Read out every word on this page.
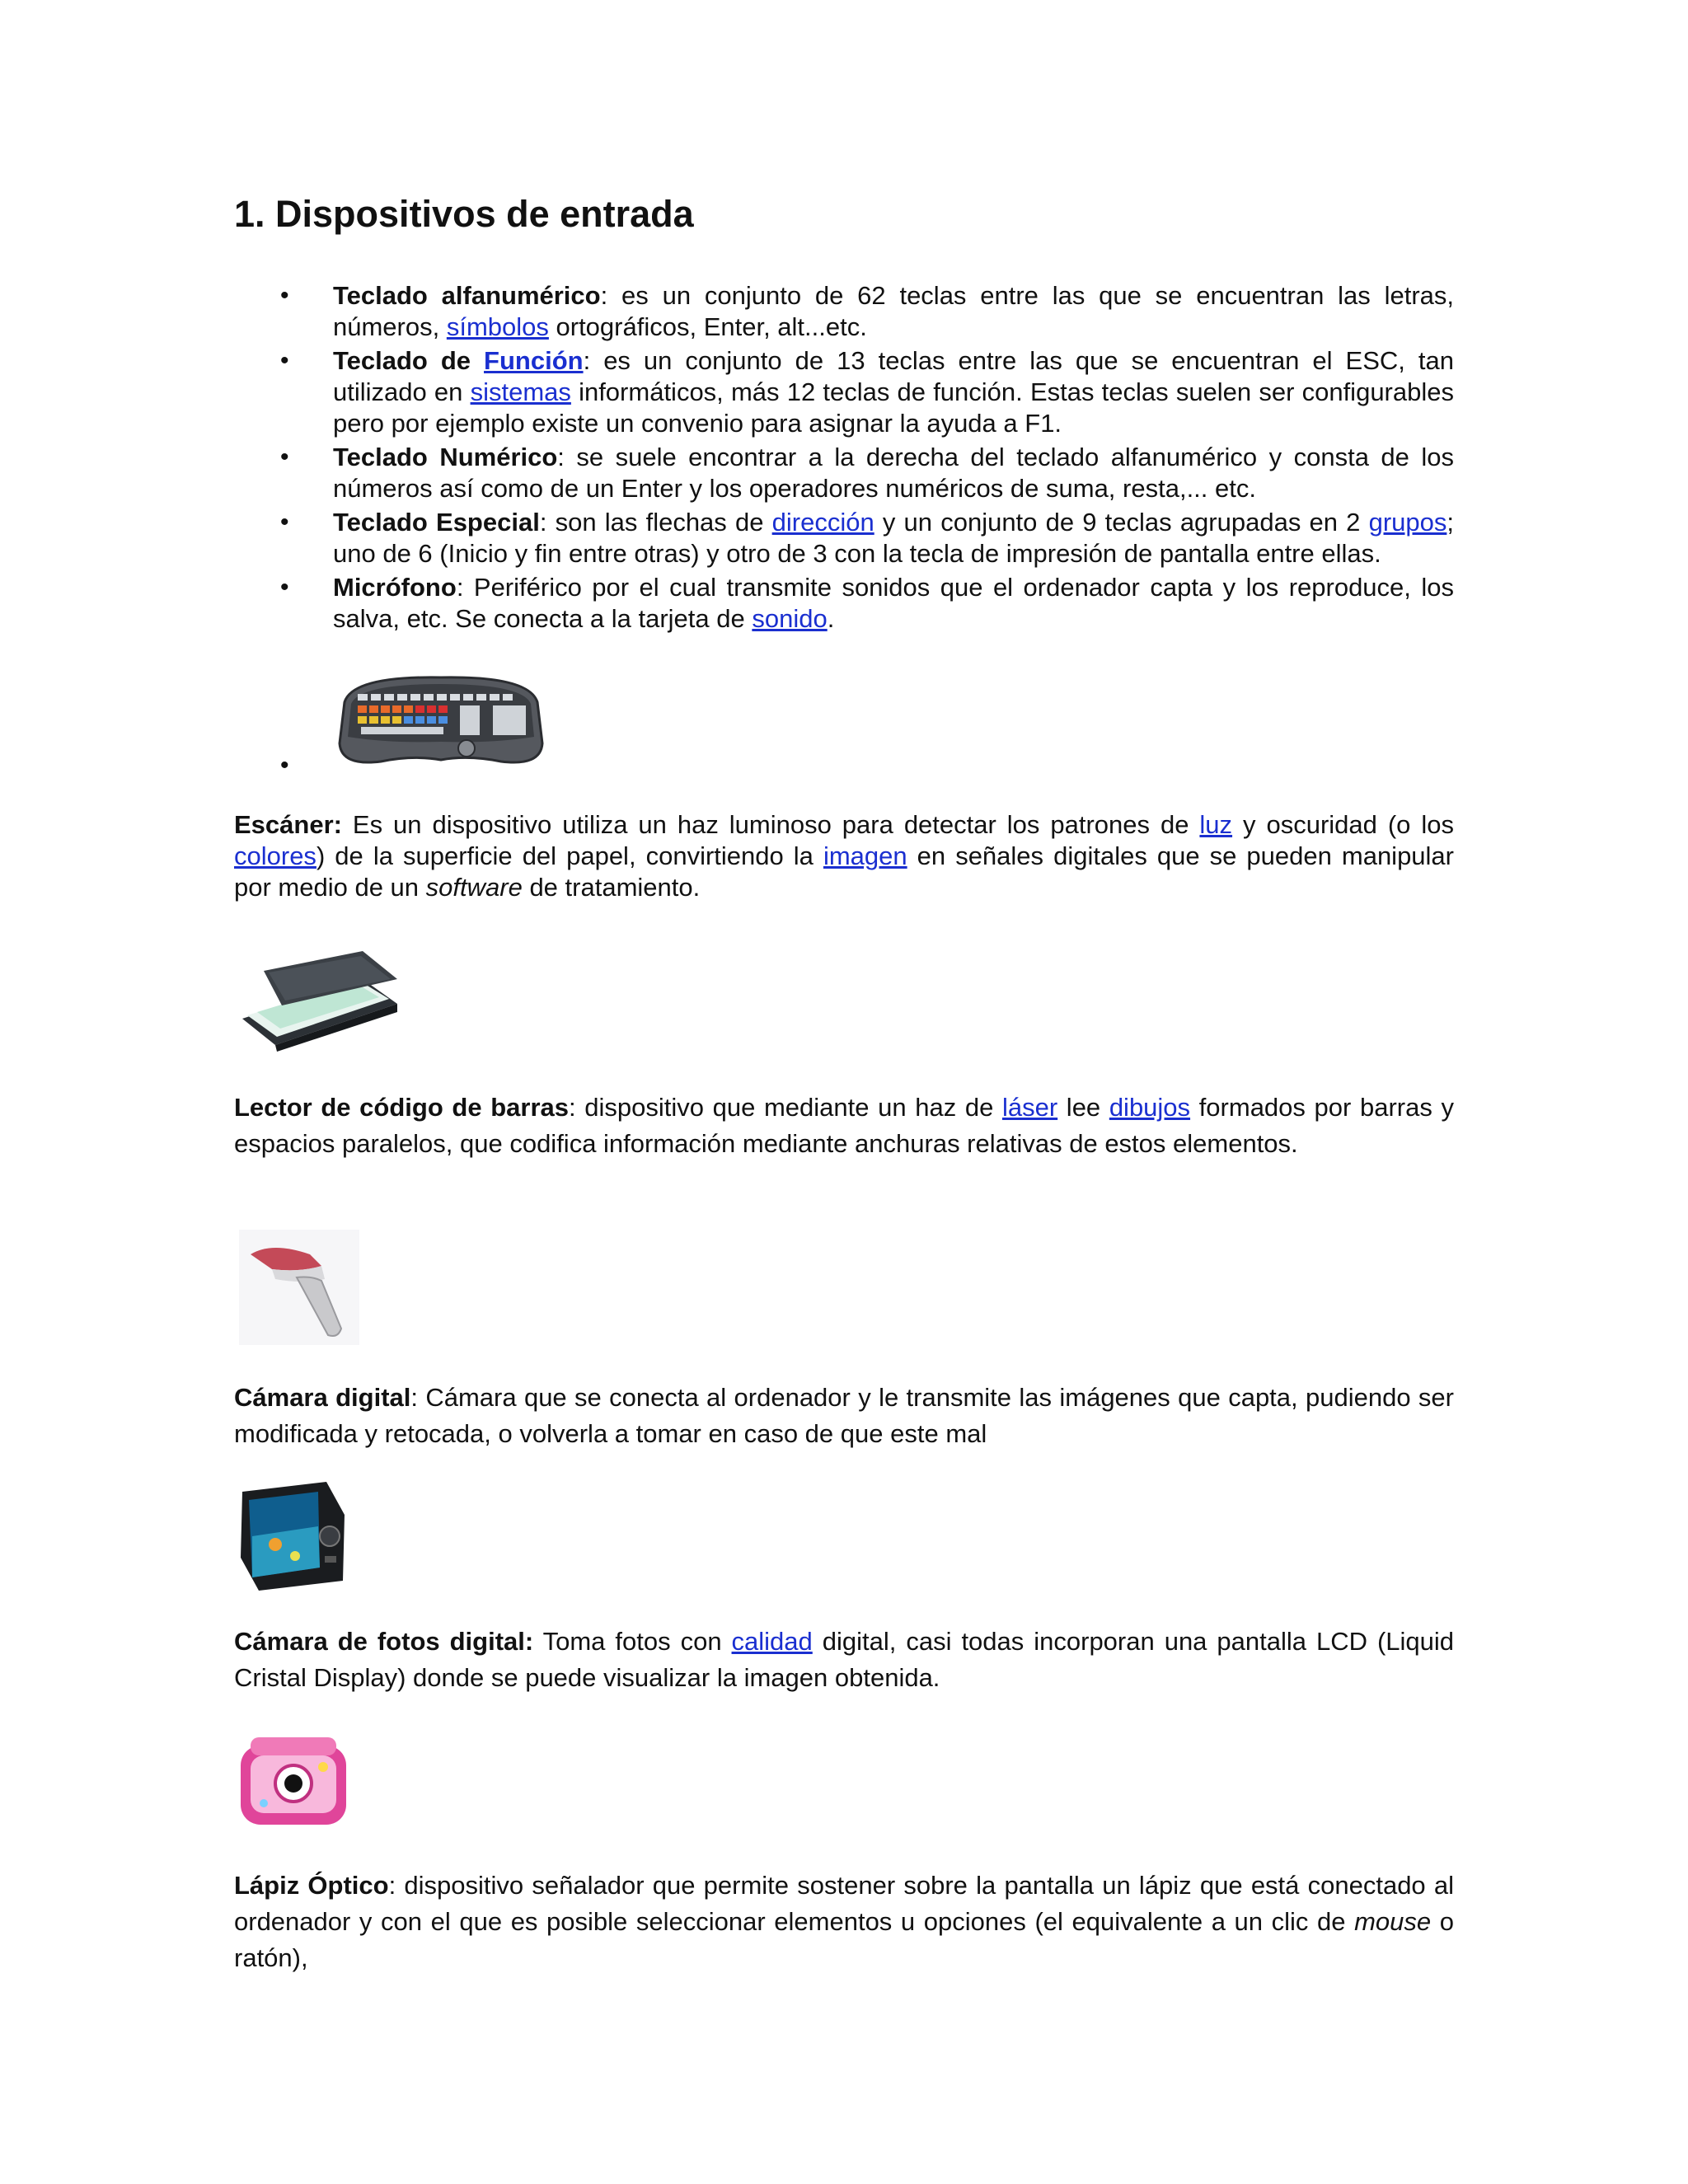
1. Dispositivos de entrada
• Teclado alfanumérico: es un conjunto de 62 teclas entre las que se encuentran las letras, números, símbolos ortográficos, Enter, alt...etc.
• Teclado de Función: es un conjunto de 13 teclas entre las que se encuentran el ESC, tan utilizado en sistemas informáticos, más 12 teclas de función. Estas teclas suelen ser configurables pero por ejemplo existe un convenio para asignar la ayuda a F1.
• Teclado Numérico: se suele encontrar a la derecha del teclado alfanumérico y consta de los números así como de un Enter y los operadores numéricos de suma, resta,... etc.
• Teclado Especial: son las flechas de dirección y un conjunto de 9 teclas agrupadas en 2 grupos; uno de 6 (Inicio y fin entre otras) y otro de 3 con la tecla de impresión de pantalla entre ellas.
• Micrófono: Periférico por el cual transmite sonidos que el ordenador capta y los reproduce, los salva, etc. Se conecta a la tarjeta de sonido.
•

Escáner: Es un dispositivo utiliza un haz luminoso para detectar los patrones de luz y oscuridad (o los colores) de la superficie del papel, convirtiendo la imagen en señales digitales que se pueden manipular por medio de un software de tratamiento.

Lector de código de barras: dispositivo que mediante un haz de láser lee dibujos formados por barras y espacios paralelos, que codifica información mediante anchuras relativas de estos elementos.

Cámara digital: Cámara que se conecta al ordenador y le transmite las imágenes que capta, pudiendo ser modificada y retocada, o volverla a tomar en caso de que este mal

Cámara de fotos digital: Toma fotos con calidad digital, casi todas incorporan una pantalla LCD (Liquid Cristal Display) donde se puede visualizar la imagen obtenida.

Lápiz Óptico: dispositivo señalador que permite sostener sobre la pantalla un lápiz que está conectado al ordenador y con el que es posible seleccionar elementos u opciones (el equivalente a un clic de mouse o ratón),
